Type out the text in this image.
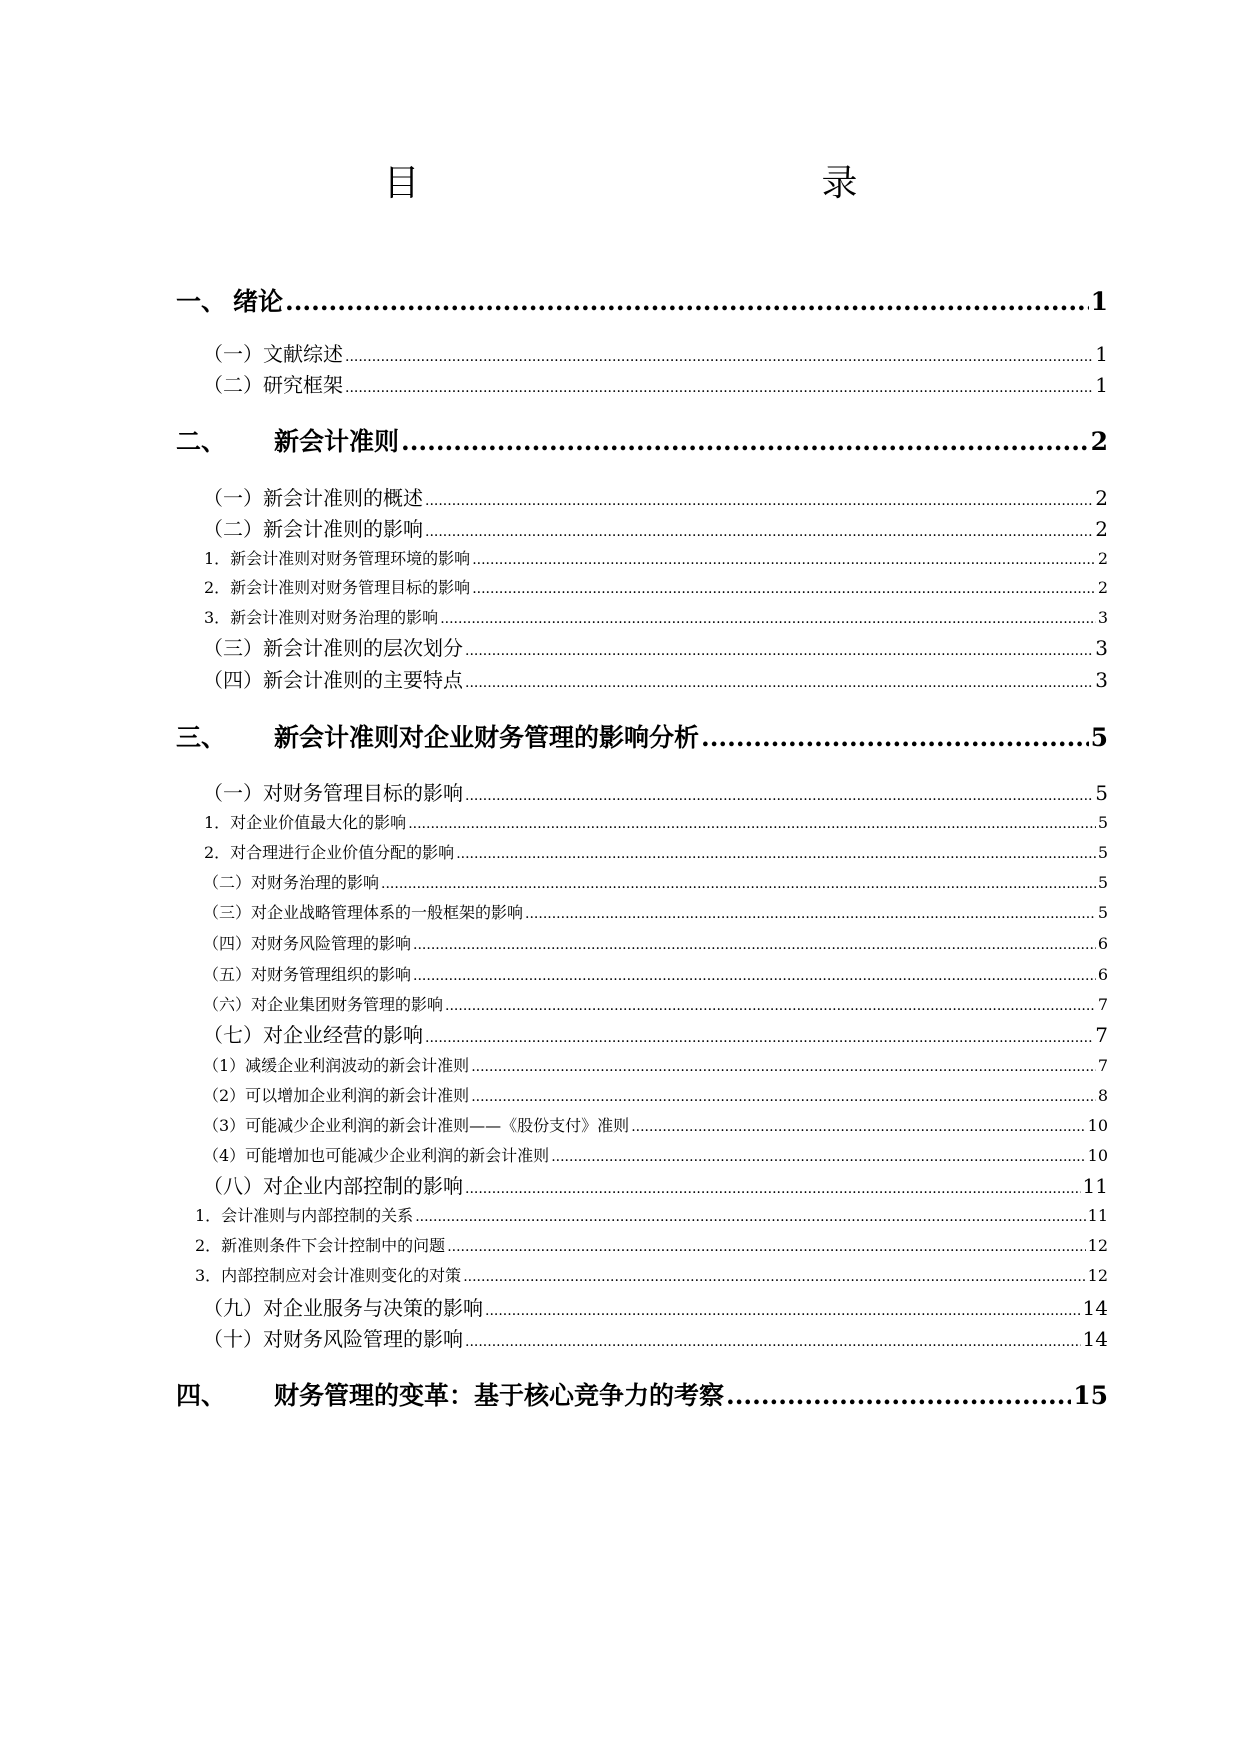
目　　录
一、 绪论 .....	1
（一）文献综述 .....	1
（二）研究框架 .....	1
二、 新会计准则 .....	2
（一）新会计准则的概述 .....	2
（二）新会计准则的影响 .....	2
1．新会计准则对财务管理环境的影响 .....	2
2．新会计准则对财务管理目标的影响 .....	2
3．新会计准则对财务治理的影响 .....	3
（三）新会计准则的层次划分 .....	3
（四）新会计准则的主要特点 .....	3
三、 新会计准则对企业财务管理的影响分析 .....	5
（一）对财务管理目标的影响 .....	5
1．对企业价值最大化的影响 .....	5
2．对合理进行企业价值分配的影响 .....	5
（二）对财务治理的影响 .....	5
（三）对企业战略管理体系的一般框架的影响 .....	5
（四）对财务风险管理的影响 .....	6
（五）对财务管理组织的影响 .....	6
（六）对企业集团财务管理的影响 .....	7
（七）对企业经营的影响 .....	7
（1）减缓企业利润波动的新会计准则 .....	7
（2）可以增加企业利润的新会计准则 .....	8
（3）可能减少企业利润的新会计准则——《股份支付》准则 .....	10
（4）可能增加也可能减少企业利润的新会计准则 .....	10
（八）对企业内部控制的影响 .....	11
1．会计准则与内部控制的关系 .....	11
2．新准则条件下会计控制中的问题 .....	12
3．内部控制应对会计准则变化的对策 .....	12
（九）对企业服务与决策的影响 .....	14
（十）对财务风险管理的影响 .....	14
四、 财务管理的变革：基于核心竞争力的考察 .....	15
